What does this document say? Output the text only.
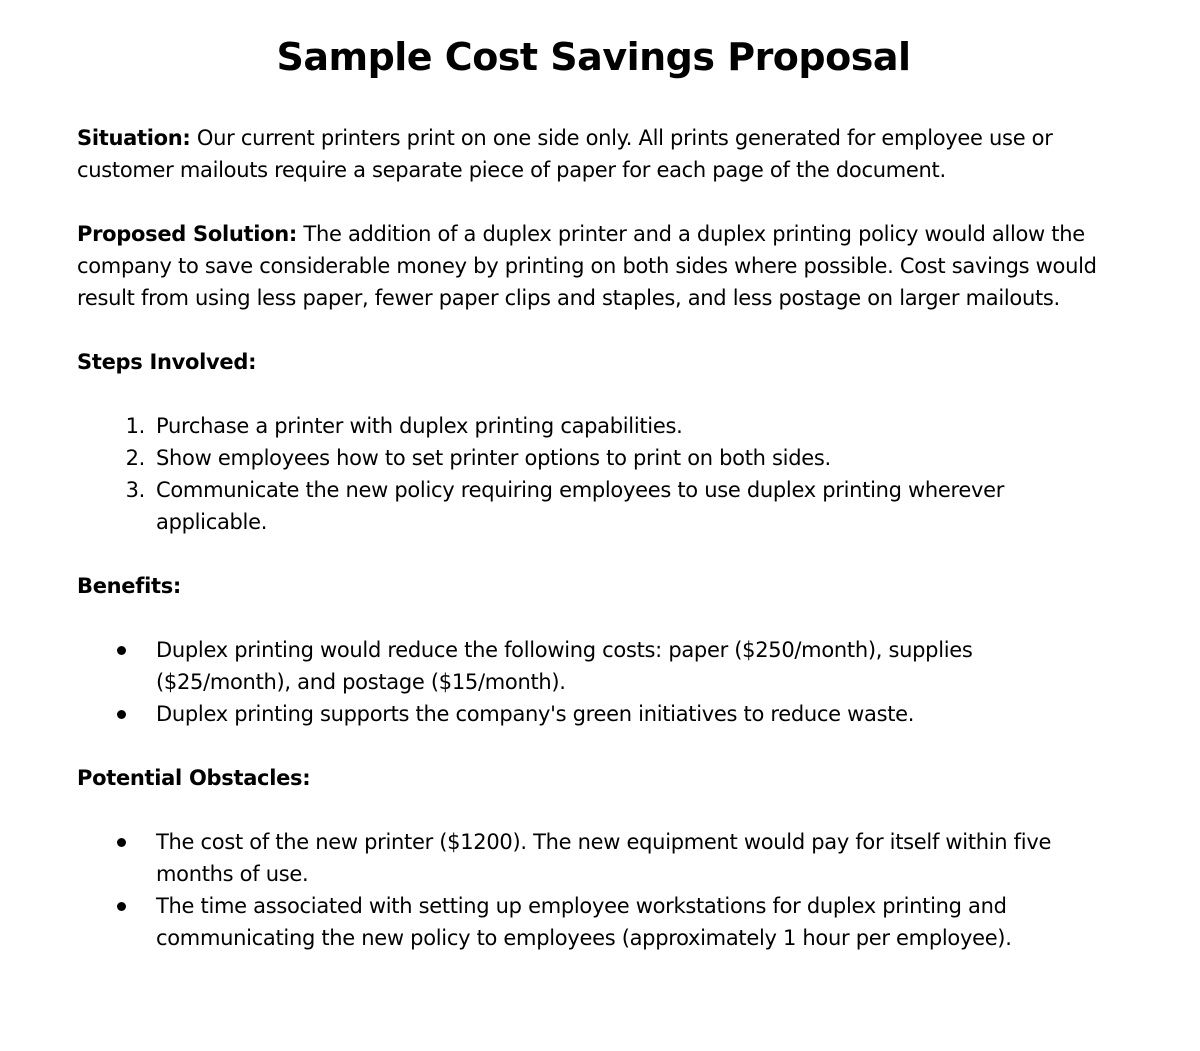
Sample Cost Savings Proposal

Situation: Our current printers print on one side only. All prints generated for employee use or customer mailouts require a separate piece of paper for each page of the document.

Proposed Solution: The addition of a duplex printer and a duplex printing policy would allow the company to save considerable money by printing on both sides where possible. Cost savings would result from using less paper, fewer paper clips and staples, and less postage on larger mailouts.

Steps Involved:

1. Purchase a printer with duplex printing capabilities.
2. Show employees how to set printer options to print on both sides.
3. Communicate the new policy requiring employees to use duplex printing wherever applicable.

Benefits:

Duplex printing would reduce the following costs: paper ($250/month), supplies ($25/month), and postage ($15/month).
Duplex printing supports the company's green initiatives to reduce waste.

Potential Obstacles:

The cost of the new printer ($1200). The new equipment would pay for itself within five months of use.
The time associated with setting up employee workstations for duplex printing and communicating the new policy to employees (approximately 1 hour per employee).
